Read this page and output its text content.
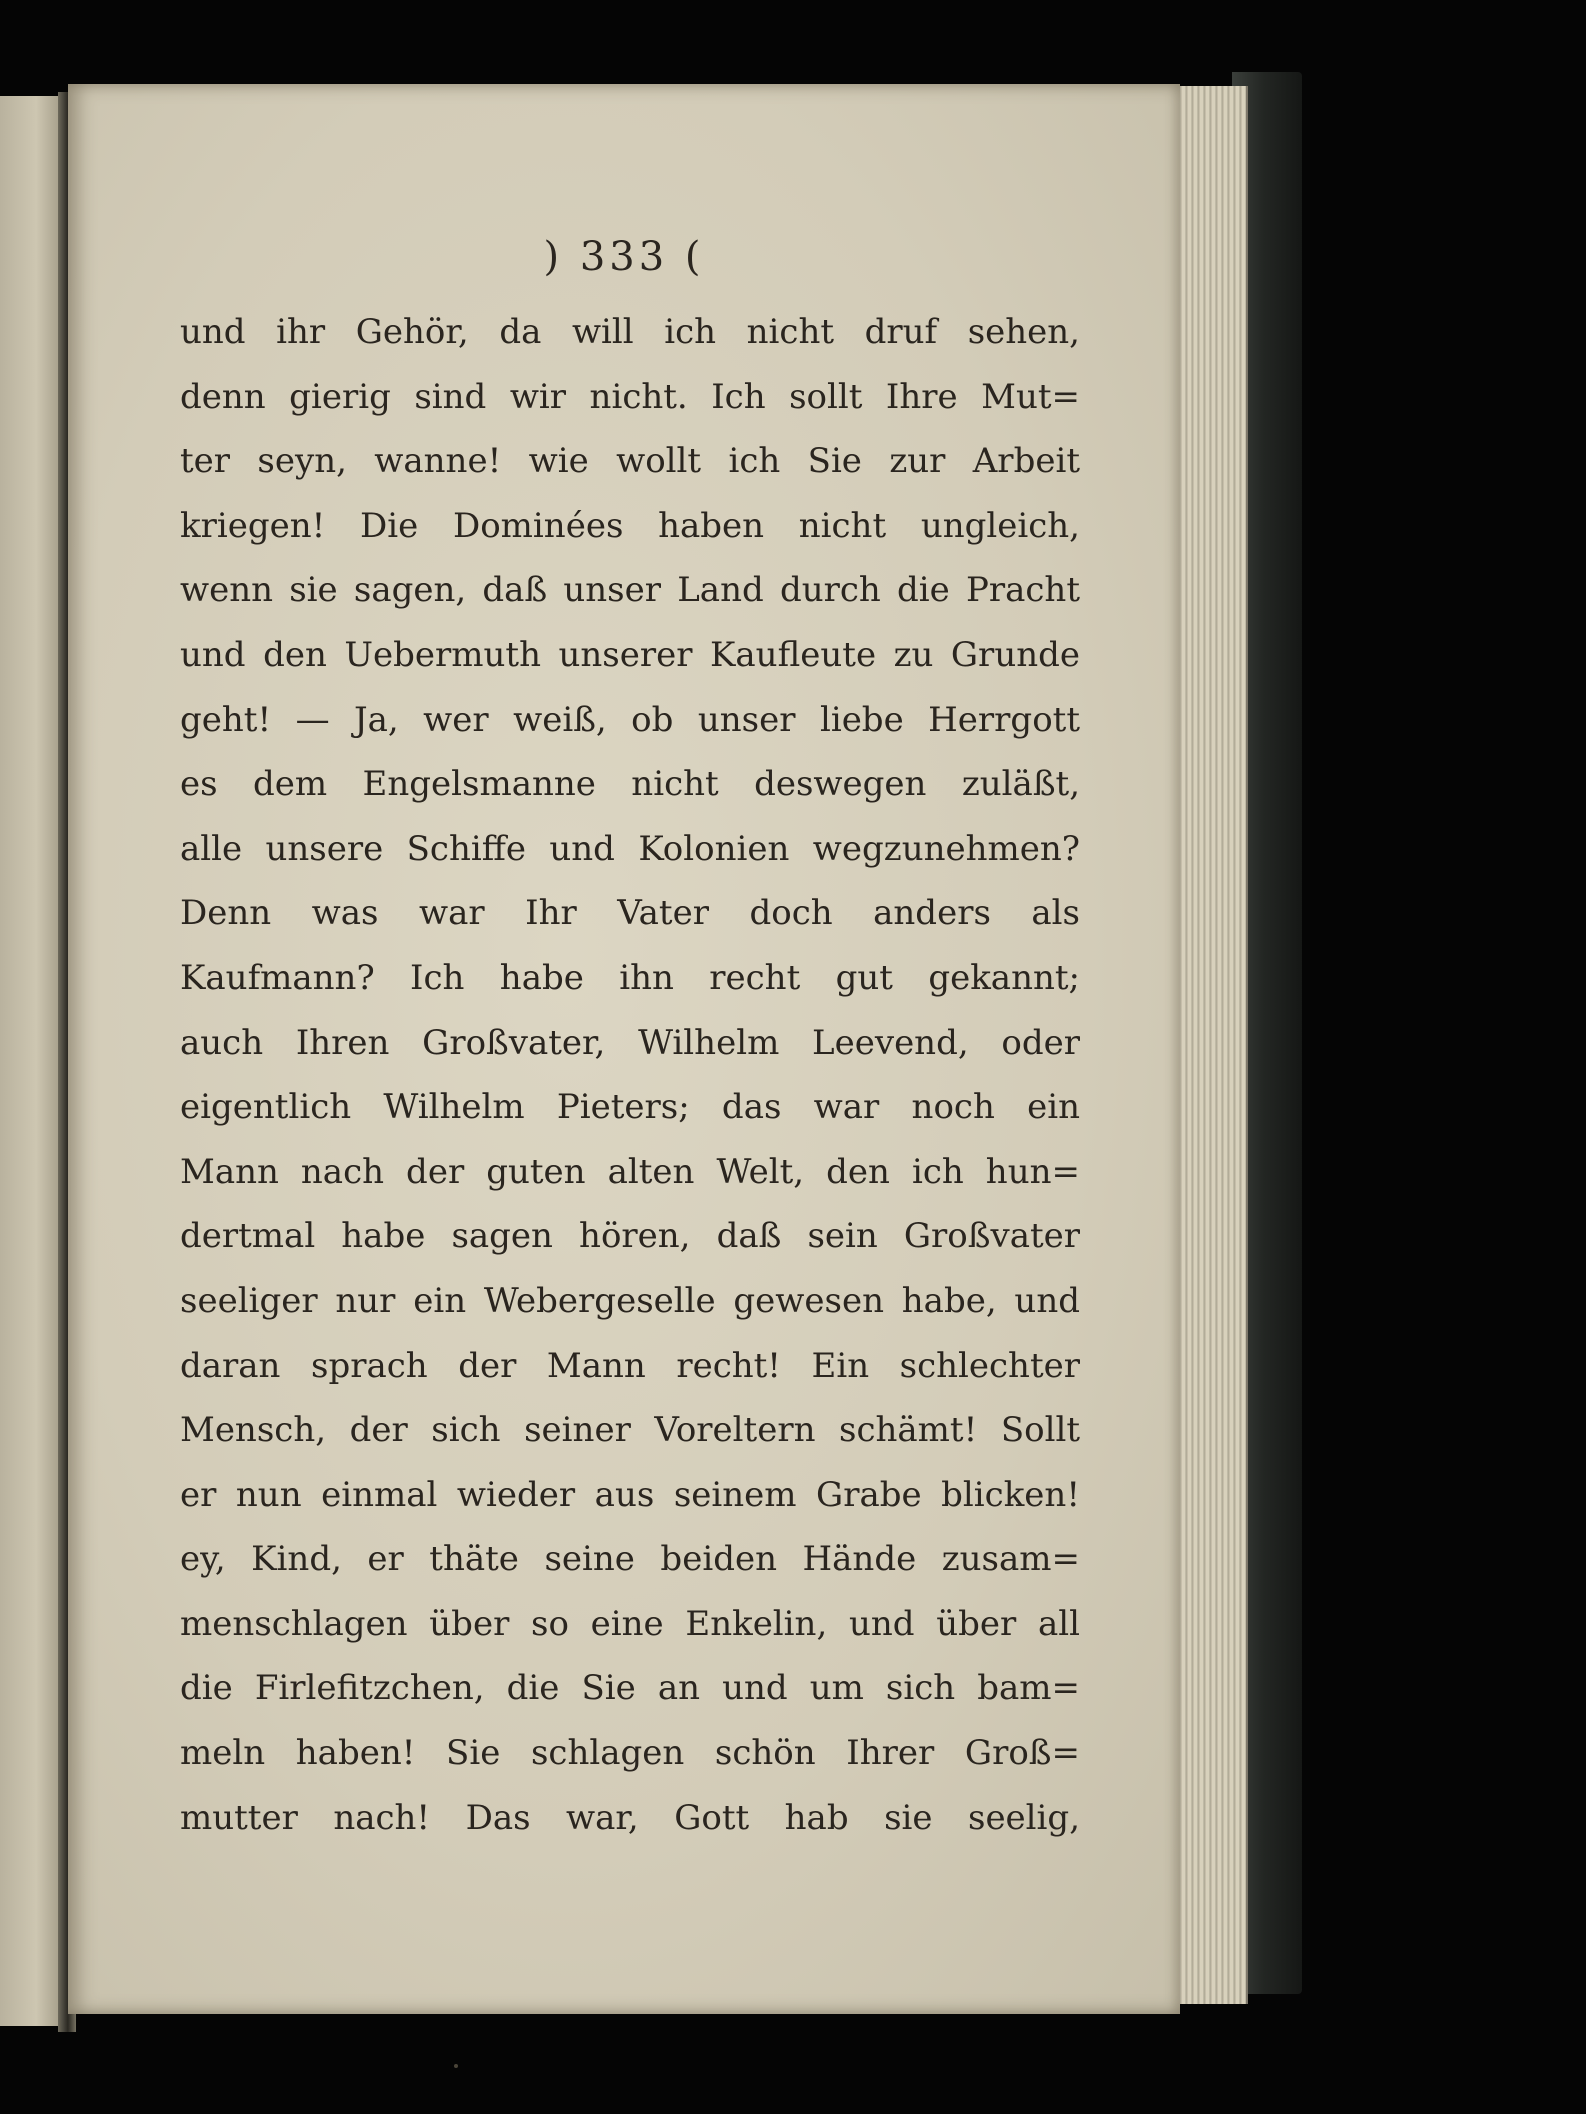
) 333 (

und ihr Gehör, da will ich nicht druf sehen,
denn gierig sind wir nicht. Ich sollt Ihre Mut=
ter seyn, wanne! wie wollt ich Sie zur Arbeit
kriegen! Die Dominées haben nicht ungleich,
wenn sie sagen, daß unser Land durch die Pracht
und den Uebermuth unserer Kaufleute zu Grunde
geht! — Ja, wer weiß, ob unser liebe Herrgott
es dem Engelsmanne nicht deswegen zuläßt,
alle unsere Schiffe und Kolonien wegzunehmen?
Denn was war Ihr Vater doch anders als
Kaufmann? Ich habe ihn recht gut gekannt;
auch Ihren Großvater, Wilhelm Leevend, oder
eigentlich Wilhelm Pieters; das war noch ein
Mann nach der guten alten Welt, den ich hun=
dertmal habe sagen hören, daß sein Großvater
seeliger nur ein Webergeselle gewesen habe, und
daran sprach der Mann recht! Ein schlechter
Mensch, der sich seiner Voreltern schämt! Sollt
er nun einmal wieder aus seinem Grabe blicken!
ey, Kind, er thäte seine beiden Hände zusam=
menschlagen über so eine Enkelin, und über all
die Firlefitzchen, die Sie an und um sich bam=
meln haben! Sie schlagen schön Ihrer Groß=
mutter nach! Das war, Gott hab sie seelig,
